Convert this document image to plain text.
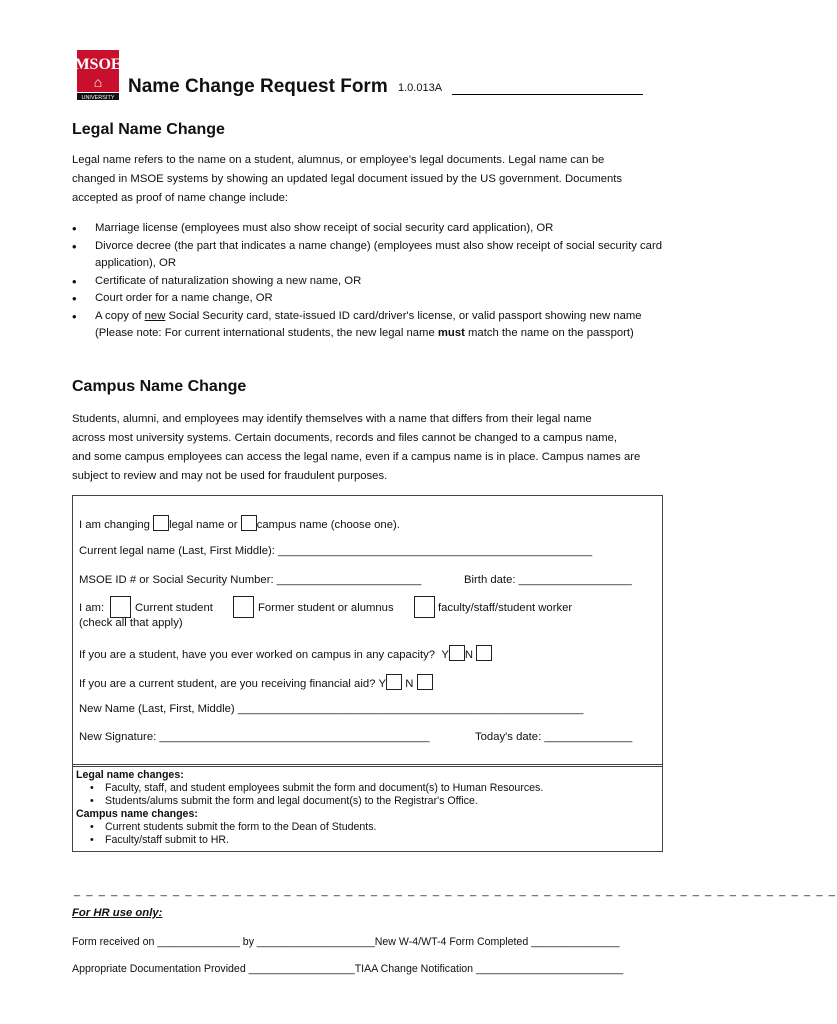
MSOE
⌂
UNIVERSITY
Name Change Request Form 1.0.013A
Legal Name Change
Legal name refers to the name on a student, alumnus, or employee’s legal documents. Legal name can be
changed in MSOE systems by showing an updated legal document issued by the US government. Documents
accepted as proof of name change include:
• Marriage license (employees must also show receipt of social security card application), OR
• Divorce decree (the part that indicates a name change) (employees must also show receipt of social security card application), OR
• Certificate of naturalization showing a new name, OR
• Court order for a name change, OR
• A copy of new Social Security card, state-issued ID card/driver's license, or valid passport showing new name (Please note: For current international students, the new legal name must match the name on the passport)
Campus Name Change
Students, alumni, and employees may identify themselves with a name that differs from their legal name
across most university systems. Certain documents, records and files cannot be changed to a campus name,
and some campus employees can access the legal name, even if a campus name is in place. Campus names are
subject to review and may not be used for fraudulent purposes.
I am changing legal name or campus name (choose one).
Current legal name (Last, First Middle): __________________________________________________
MSOE ID # or Social Security Number: _______________________	Birth date: __________________
I am:	Current student	Former student or alumnus	faculty/staff/student worker
(check all that apply)
If you are a student, have you ever worked on campus in any capacity? Y N
If you are a current student, are you receiving financial aid? Y N
New Name (Last, First, Middle) _______________________________________________________
New Signature: ___________________________________________	Today's date: ______________
Legal name changes:
• Faculty, staff, and student employees submit the form and document(s) to Human Resources.
• Students/alums submit the form and legal document(s) to the Registrar's Office.
Campus name changes:
• Current students submit the form to the Dean of Students.
• Faculty/staff submit to HR.
_ _ _ _ _ _ _ _ _ _ _ _ _ _ _ _ _ _ _ _ _ _ _ _ _ _ _ _ _ _ _ _ _ _ _ _ _ _ _ _ _ _ _ _ _ _ _ _ _ _ _ _ _ _ _ _ _ _ _ _ _ _
For HR use only:
Form received on ______________ by ____________________New W-4/WT-4 Form Completed _______________
Appropriate Documentation Provided __________________TIAA Change Notification _________________________
